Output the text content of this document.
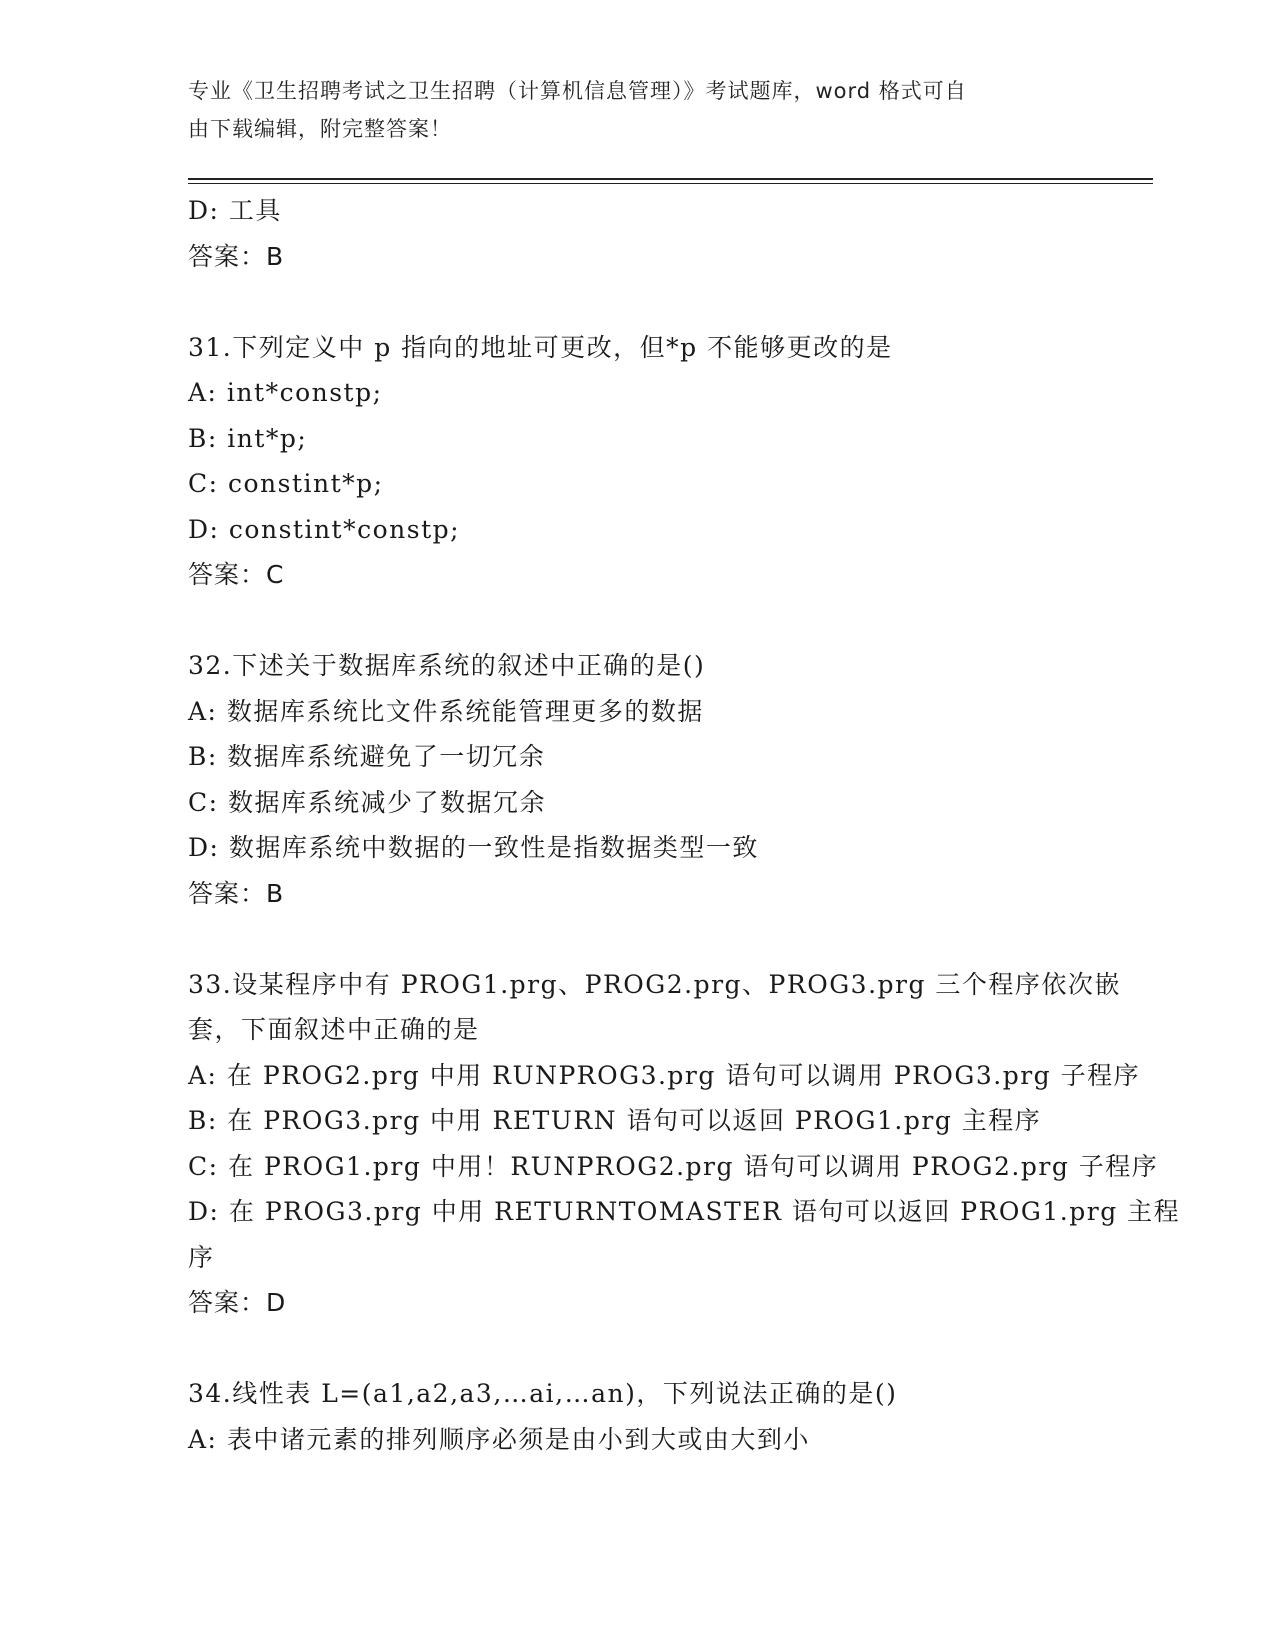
专业《卫生招聘考试之卫生招聘（计算机信息管理）》考试题库，word 格式可自
由下载编辑，附完整答案！
D: 工具
答案：B
31.下列定义中 p 指向的地址可更改，但*p 不能够更改的是
A: int*constp;
B: int*p;
C: constint*p;
D: constint*constp;
答案：C
32.下述关于数据库系统的叙述中正确的是()
A: 数据库系统比文件系统能管理更多的数据
B: 数据库系统避免了一切冗余
C: 数据库系统减少了数据冗余
D: 数据库系统中数据的一致性是指数据类型一致
答案：B
33.设某程序中有 PROG1.prg、PROG2.prg、PROG3.prg 三个程序依次嵌
套，下面叙述中正确的是
A: 在 PROG2.prg 中用 RUNPROG3.prg 语句可以调用 PROG3.prg 子程序
B: 在 PROG3.prg 中用 RETURN 语句可以返回 PROG1.prg 主程序
C: 在 PROG1.prg 中用！RUNPROG2.prg 语句可以调用 PROG2.prg 子程序
D: 在 PROG3.prg 中用 RETURNTOMASTER 语句可以返回 PROG1.prg 主程
序
答案：D
34.线性表 L=(a1,a2,a3,…ai,…an)，下列说法正确的是()
A: 表中诸元素的排列顺序必须是由小到大或由大到小
